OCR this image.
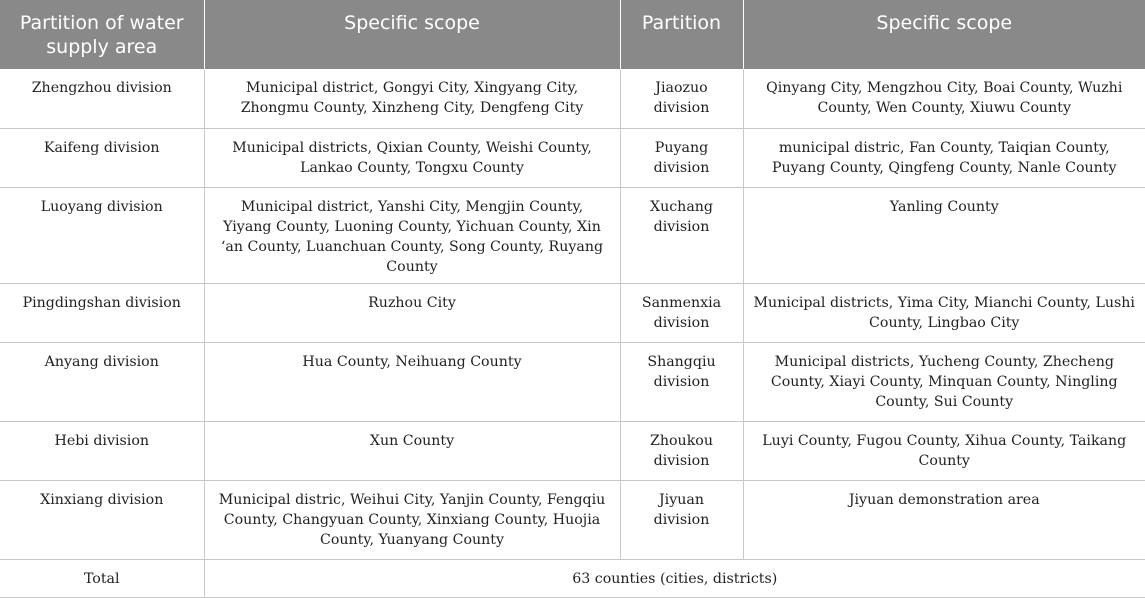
Partition of water supply area	Specific scope	Partition	Specific scope
Zhengzhou division	Municipal district, Gongyi City, Xingyang City, Zhongmu County, Xinzheng City, Dengfeng City	Jiaozuo division	Qinyang City, Mengzhou City, Boai County, Wuzhi County, Wen County, Xiuwu County
Kaifeng division	Municipal districts, Qixian County, Weishi County, Lankao County, Tongxu County	Puyang division	municipal distric, Fan County, Taiqian County, Puyang County, Qingfeng County, Nanle County
Luoyang division	Municipal district, Yanshi City, Mengjin County, Yiyang County, Luoning County, Yichuan County, Xin ‘an County, Luanchuan County, Song County, Ruyang County	Xuchang division	Yanling County
Pingdingshan division	Ruzhou City	Sanmenxia division	Municipal districts, Yima City, Mianchi County, Lushi County, Lingbao City
Anyang division	Hua County, Neihuang County	Shangqiu division	Municipal districts, Yucheng County, Zhecheng County, Xiayi County, Minquan County, Ningling County, Sui County
Hebi division	Xun County	Zhoukou division	Luyi County, Fugou County, Xihua County, Taikang County
Xinxiang division	Municipal distric, Weihui City, Yanjin County, Fengqiu County, Changyuan County, Xinxiang County, Huojia County, Yuanyang County	Jiyuan division	Jiyuan demonstration area
Total	63 counties (cities, districts)		
